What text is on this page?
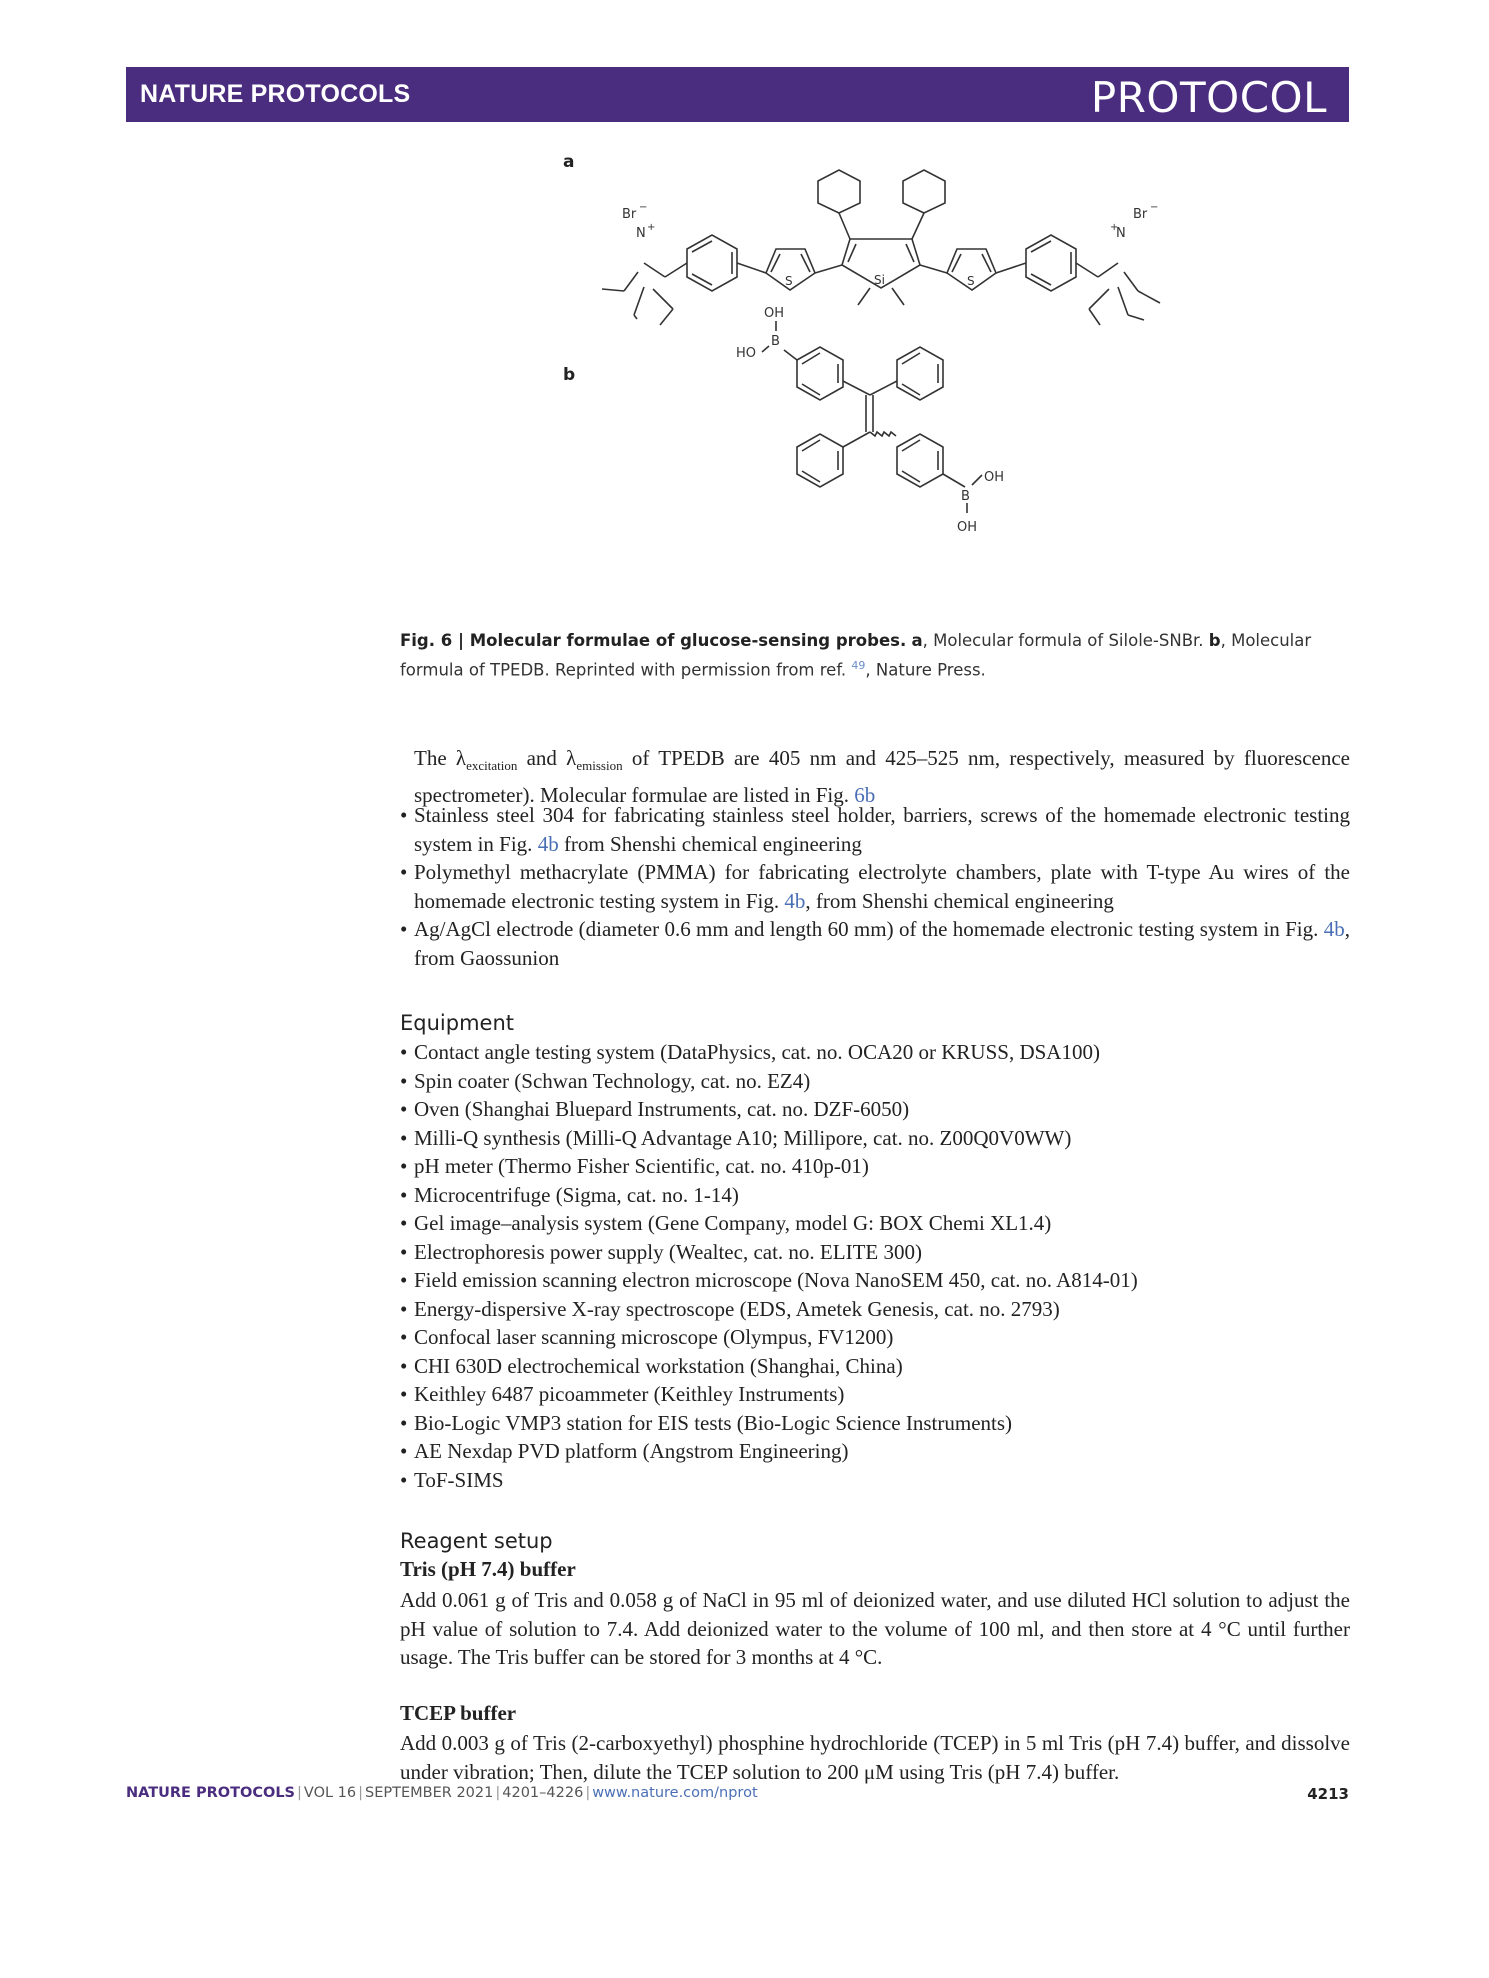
NATURE PROTOCOLS	PROTOCOL
a
b
Br −
N +
S	Si	S
Br −
+
N
OH
B
HO
B
OH
OH
Fig. 6 | Molecular formulae of glucose-sensing probes. a, Molecular formula of Silole-SNBr. b, Molecular formula of TPEDB. Reprinted with permission from ref. $^{49}$, Nature Press.
The $\lambda_{excitation}$ and $\lambda_{emission}$ of TPEDB are 405 nm and 425–525 nm, respectively, measured by fluorescence spectrometer). Molecular formulae are listed in Fig. 6b
• Stainless steel 304 for fabricating stainless steel holder, barriers, screws of the homemade electronic testing system in Fig. 4b from Shenshi chemical engineering
• Polymethyl methacrylate (PMMA) for fabricating electrolyte chambers, plate with T-type Au wires of the homemade electronic testing system in Fig. 4b, from Shenshi chemical engineering
• Ag/AgCl electrode (diameter 0.6 mm and length 60 mm) of the homemade electronic testing system in Fig. 4b, from Gaossunion
Equipment
• Contact angle testing system (DataPhysics, cat. no. OCA20 or KRUSS, DSA100)
• Spin coater (Schwan Technology, cat. no. EZ4)
• Oven (Shanghai Bluepard Instruments, cat. no. DZF-6050)
• Milli-Q synthesis (Milli-Q Advantage A10; Millipore, cat. no. Z00Q0V0WW)
• pH meter (Thermo Fisher Scientific, cat. no. 410p-01)
• Microcentrifuge (Sigma, cat. no. 1-14)
• Gel image–analysis system (Gene Company, model G: BOX Chemi XL1.4)
• Electrophoresis power supply (Wealtec, cat. no. ELITE 300)
• Field emission scanning electron microscope (Nova NanoSEM 450, cat. no. A814-01)
• Energy-dispersive X-ray spectroscope (EDS, Ametek Genesis, cat. no. 2793)
• Confocal laser scanning microscope (Olympus, FV1200)
• CHI 630D electrochemical workstation (Shanghai, China)
• Keithley 6487 picoammeter (Keithley Instruments)
• Bio-Logic VMP3 station for EIS tests (Bio-Logic Science Instruments)
• AE Nexdap PVD platform (Angstrom Engineering)
• ToF-SIMS
Reagent setup
Tris (pH 7.4) buffer
Add 0.061 g of Tris and 0.058 g of NaCl in 95 ml of deionized water, and use diluted HCl solution to adjust the pH value of solution to 7.4. Add deionized water to the volume of 100 ml, and then store at 4 °C until further usage. The Tris buffer can be stored for 3 months at 4 °C.
TCEP buffer
Add 0.003 g of Tris (2-carboxyethyl) phosphine hydrochloride (TCEP) in 5 ml Tris (pH 7.4) buffer, and dissolve under vibration; Then, dilute the TCEP solution to 200 μM using Tris (pH 7.4) buffer.
NATURE PROTOCOLS | VOL 16 | SEPTEMBER 2021 | 4201–4226 | www.nature.com/nprot	4213
